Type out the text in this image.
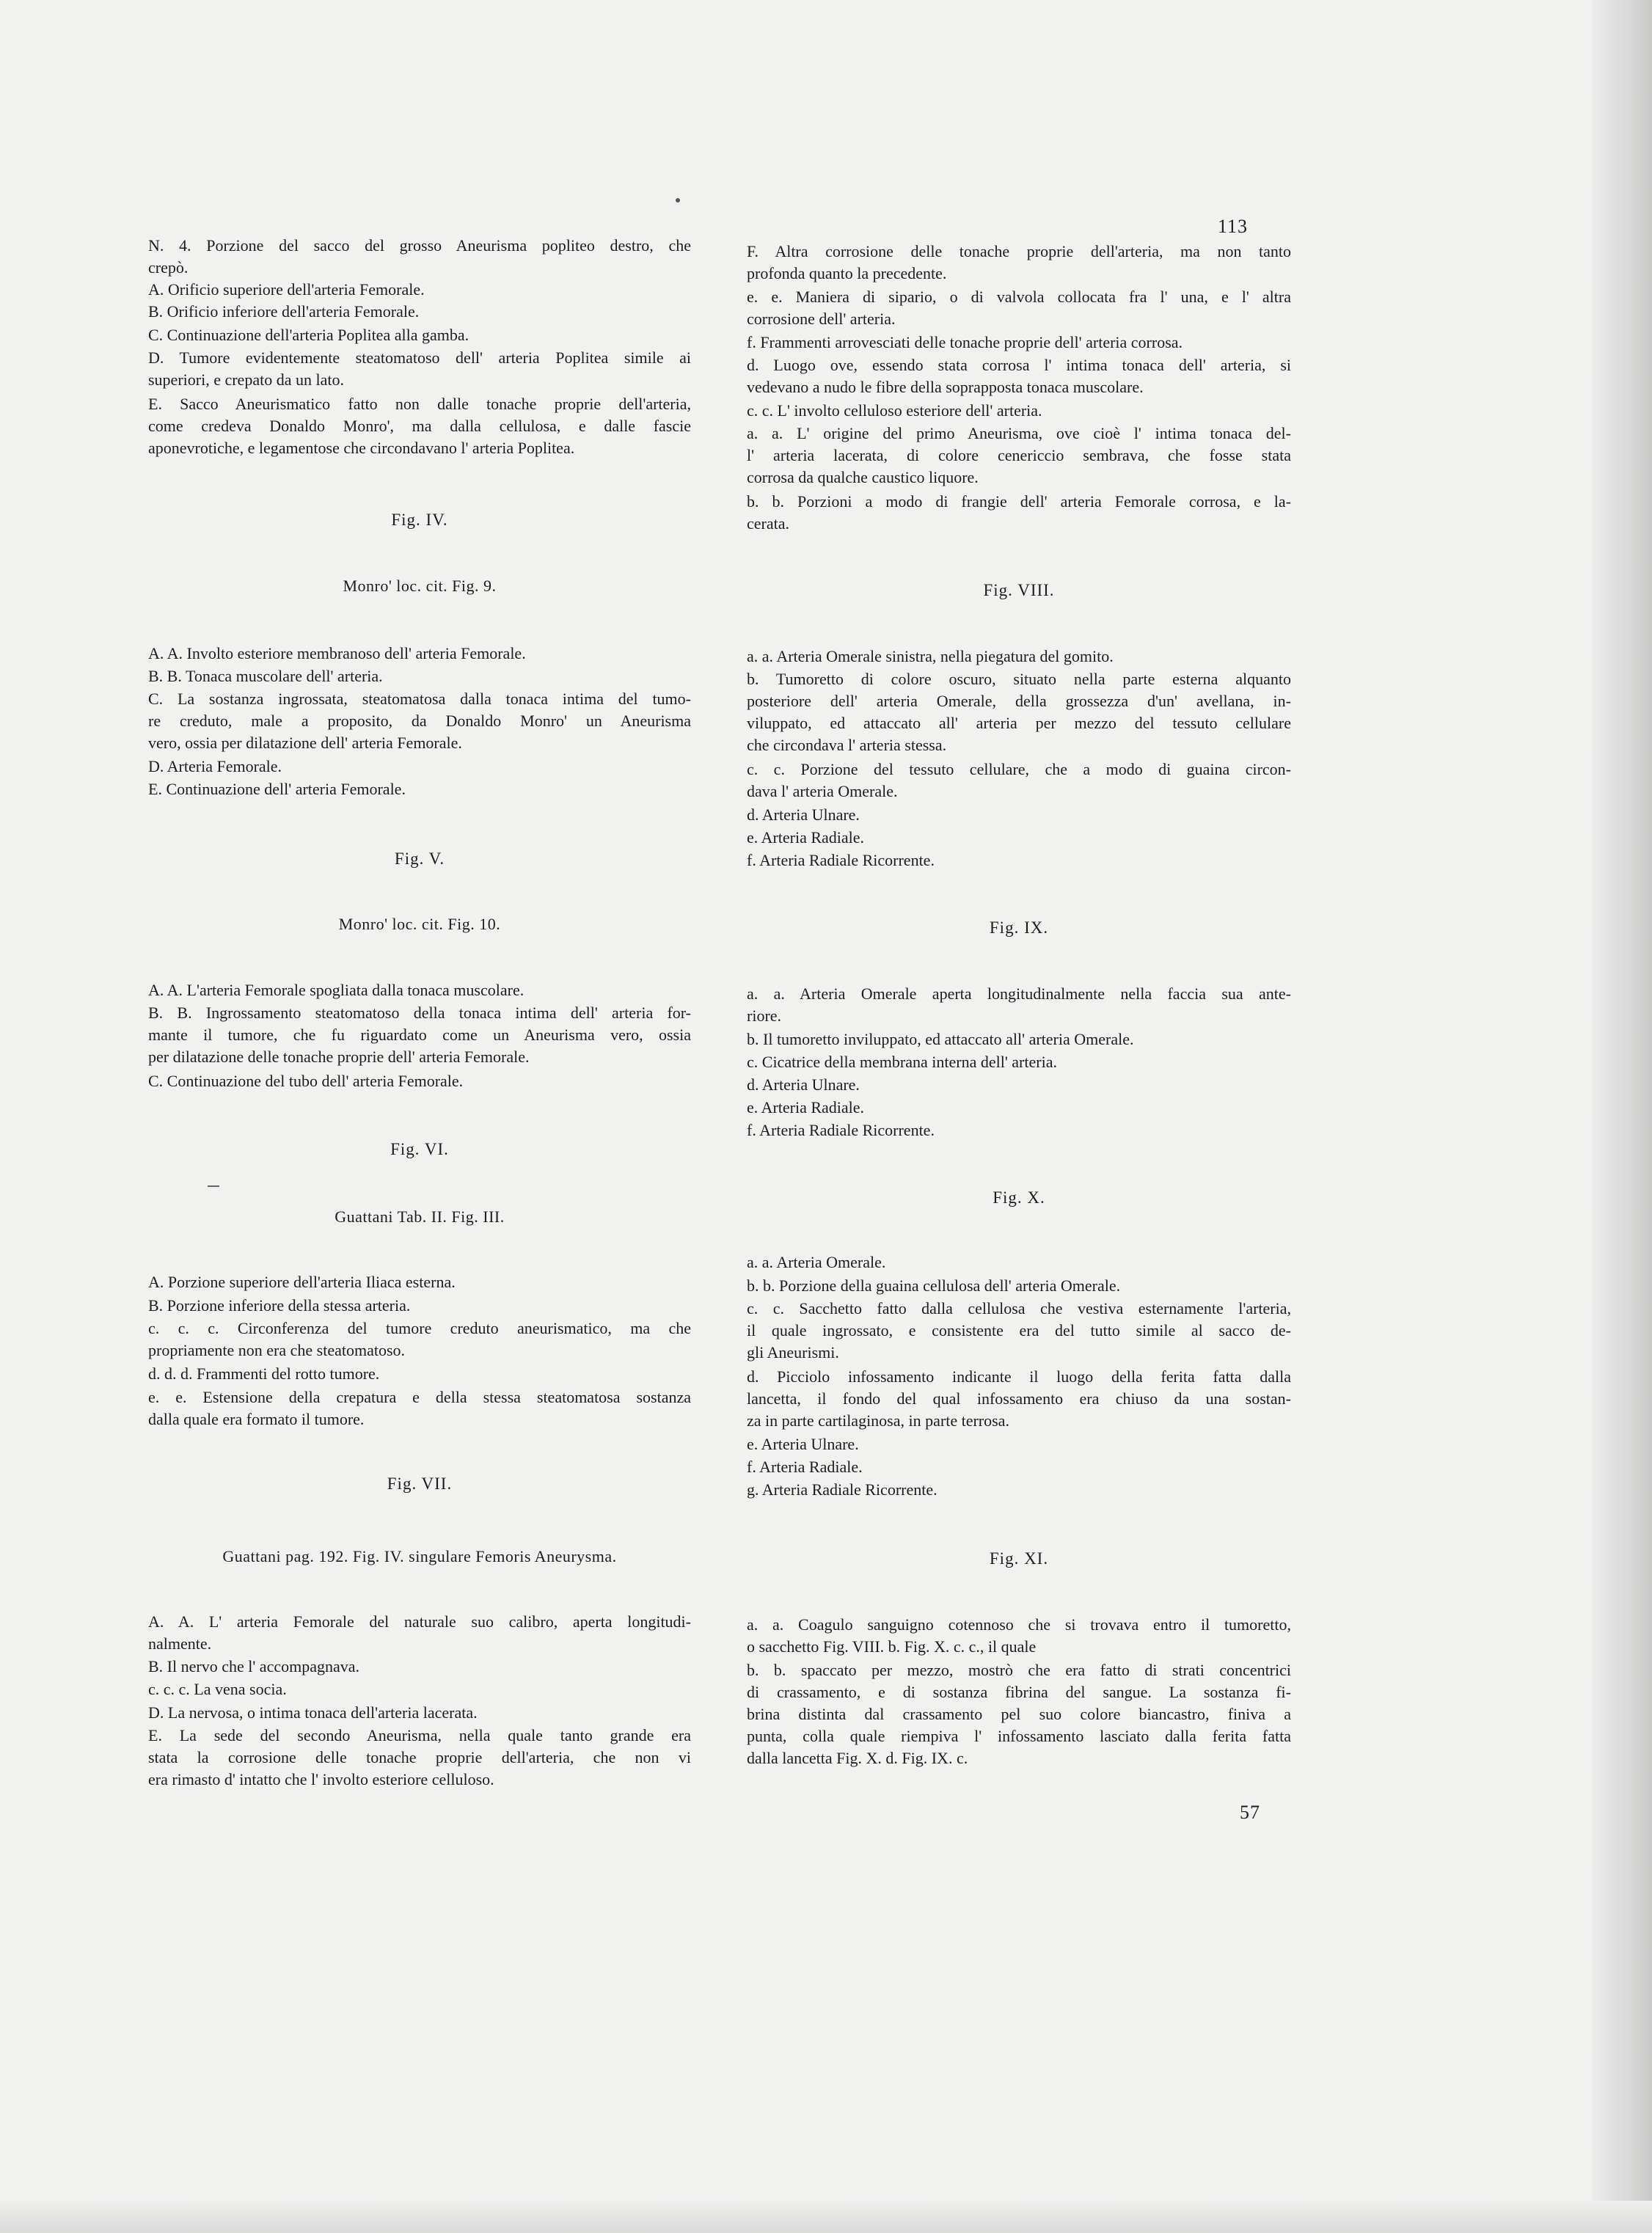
113
57
N. 4. Porzione del sacco del grosso Aneurisma popliteo destro, che
crepò.
A. Orificio superiore dell'arteria Femorale.
B. Orificio inferiore dell'arteria Femorale.
C. Continuazione dell'arteria Poplitea alla gamba.
D. Tumore evidentemente steatomatoso dell' arteria Poplitea simile ai
superiori, e crepato da un lato.
E. Sacco Aneurismatico fatto non dalle tonache proprie dell'arteria,
come credeva Donaldo Monro', ma dalla cellulosa, e dalle fascie
aponevrotiche, e legamentose che circondavano l' arteria Poplitea.
Fig. IV.
Monro' loc. cit. Fig. 9.
A. A. Involto esteriore membranoso dell' arteria Femorale.
B. B. Tonaca muscolare dell' arteria.
C. La sostanza ingrossata, steatomatosa dalla tonaca intima del tumo-
re creduto, male a proposito, da Donaldo Monro' un Aneurisma
vero, ossia per dilatazione dell' arteria Femorale.
D. Arteria Femorale.
E. Continuazione dell' arteria Femorale.
Fig. V.
Monro' loc. cit. Fig. 10.
A. A. L'arteria Femorale spogliata dalla tonaca muscolare.
B. B. Ingrossamento steatomatoso della tonaca intima dell' arteria for-
mante il tumore, che fu riguardato come un Aneurisma vero, ossia
per dilatazione delle tonache proprie dell' arteria Femorale.
C. Continuazione del tubo dell' arteria Femorale.
Fig. VI.
Guattani Tab. II. Fig. III.
A. Porzione superiore dell'arteria Iliaca esterna.
B. Porzione inferiore della stessa arteria.
c. c. c. Circonferenza del tumore creduto aneurismatico, ma che
propriamente non era che steatomatoso.
d. d. d. Frammenti del rotto tumore.
e. e. Estensione della crepatura e della stessa steatomatosa sostanza
dalla quale era formato il tumore.
Fig. VII.
Guattani pag. 192. Fig. IV. singulare Femoris Aneurysma.
A. A. L' arteria Femorale del naturale suo calibro, aperta longitudi-
nalmente.
B. Il nervo che l' accompagnava.
c. c. c. La vena socia.
D. La nervosa, o intima tonaca dell'arteria lacerata.
E. La sede del secondo Aneurisma, nella quale tanto grande era
stata la corrosione delle tonache proprie dell'arteria, che non vi
era rimasto d' intatto che l' involto esteriore celluloso.
F. Altra corrosione delle tonache proprie dell'arteria, ma non tanto
profonda quanto la precedente.
e. e. Maniera di sipario, o di valvola collocata fra l' una, e l' altra
corrosione dell' arteria.
f. Frammenti arrovesciati delle tonache proprie dell' arteria corrosa.
d. Luogo ove, essendo stata corrosa l' intima tonaca dell' arteria, si
vedevano a nudo le fibre della soprapposta tonaca muscolare.
c. c. L' involto celluloso esteriore dell' arteria.
a. a. L' origine del primo Aneurisma, ove cioè l' intima tonaca del-
l' arteria lacerata, di colore cenericcio sembrava, che fosse stata
corrosa da qualche caustico liquore.
b. b. Porzioni a modo di frangie dell' arteria Femorale corrosa, e la-
cerata.
Fig. VIII.
a. a. Arteria Omerale sinistra, nella piegatura del gomito.
b. Tumoretto di colore oscuro, situato nella parte esterna alquanto
posteriore dell' arteria Omerale, della grossezza d'un' avellana, in-
viluppato, ed attaccato all' arteria per mezzo del tessuto cellulare
che circondava l' arteria stessa.
c. c. Porzione del tessuto cellulare, che a modo di guaina circon-
dava l' arteria Omerale.
d. Arteria Ulnare.
e. Arteria Radiale.
f. Arteria Radiale Ricorrente.
Fig. IX.
a. a. Arteria Omerale aperta longitudinalmente nella faccia sua ante-
riore.
b. Il tumoretto inviluppato, ed attaccato all' arteria Omerale.
c. Cicatrice della membrana interna dell' arteria.
d. Arteria Ulnare.
e. Arteria Radiale.
f. Arteria Radiale Ricorrente.
Fig. X.
a. a. Arteria Omerale.
b. b. Porzione della guaina cellulosa dell' arteria Omerale.
c. c. Sacchetto fatto dalla cellulosa che vestiva esternamente l'arteria,
il quale ingrossato, e consistente era del tutto simile al sacco de-
gli Aneurismi.
d. Picciolo infossamento indicante il luogo della ferita fatta dalla
lancetta, il fondo del qual infossamento era chiuso da una sostan-
za in parte cartilaginosa, in parte terrosa.
e. Arteria Ulnare.
f. Arteria Radiale.
g. Arteria Radiale Ricorrente.
Fig. XI.
a. a. Coagulo sanguigno cotennoso che si trovava entro il tumoretto,
o sacchetto Fig. VIII. b. Fig. X. c. c., il quale
b. b. spaccato per mezzo, mostrò che era fatto di strati concentrici
di crassamento, e di sostanza fibrina del sangue. La sostanza fi-
brina distinta dal crassamento pel suo colore biancastro, finiva a
punta, colla quale riempiva l' infossamento lasciato dalla ferita fatta
dalla lancetta Fig. X. d. Fig. IX. c.
